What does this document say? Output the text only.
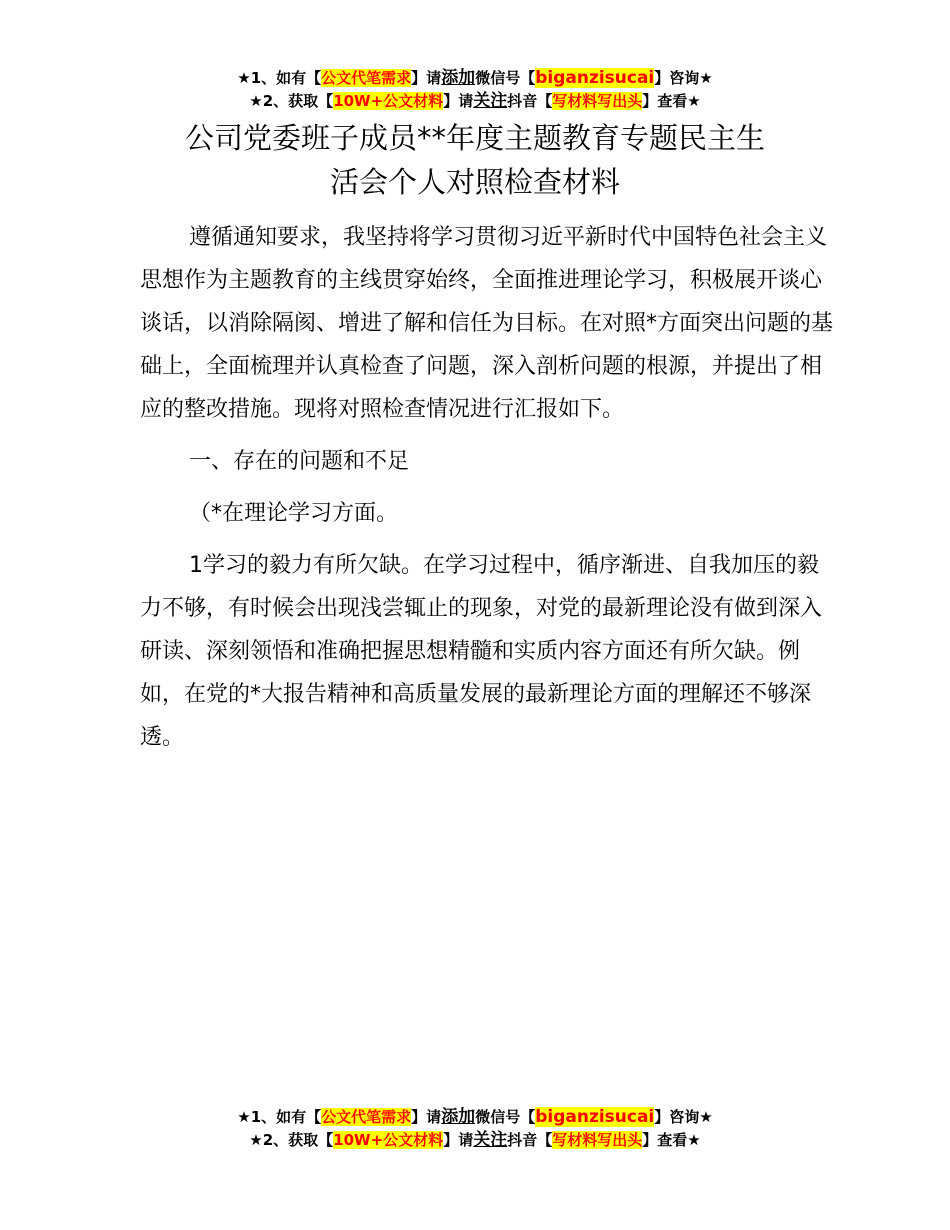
★1、如有【公文代笔需求】请添加微信号【biganzisucai】咨询★
★2、获取【10W+公文材料】请关注抖音【写材料写出头】查看★
公司党委班子成员**年度主题教育专题民主生
活会个人对照检查材料

遵循通知要求，我坚持将学习贯彻习近平新时代中国特色社会主义思想作为主题教育的主线贯穿始终，全面推进理论学习，积极展开谈心谈话，以消除隔阂、增进了解和信任为目标。在对照*方面突出问题的基础上，全面梳理并认真检查了问题，深入剖析问题的根源，并提出了相应的整改措施。现将对照检查情况进行汇报如下。

一、存在的问题和不足

（*在理论学习方面。

1学习的毅力有所欠缺。在学习过程中，循序渐进、自我加压的毅力不够，有时候会出现浅尝辄止的现象，对党的最新理论没有做到深入研读、深刻领悟和准确把握思想精髓和实质内容方面还有所欠缺。例如，在党的*大报告精神和高质量发展的最新理论方面的理解还不够深透。

★1、如有【公文代笔需求】请添加微信号【biganzisucai】咨询★
★2、获取【10W+公文材料】请关注抖音【写材料写出头】查看★
